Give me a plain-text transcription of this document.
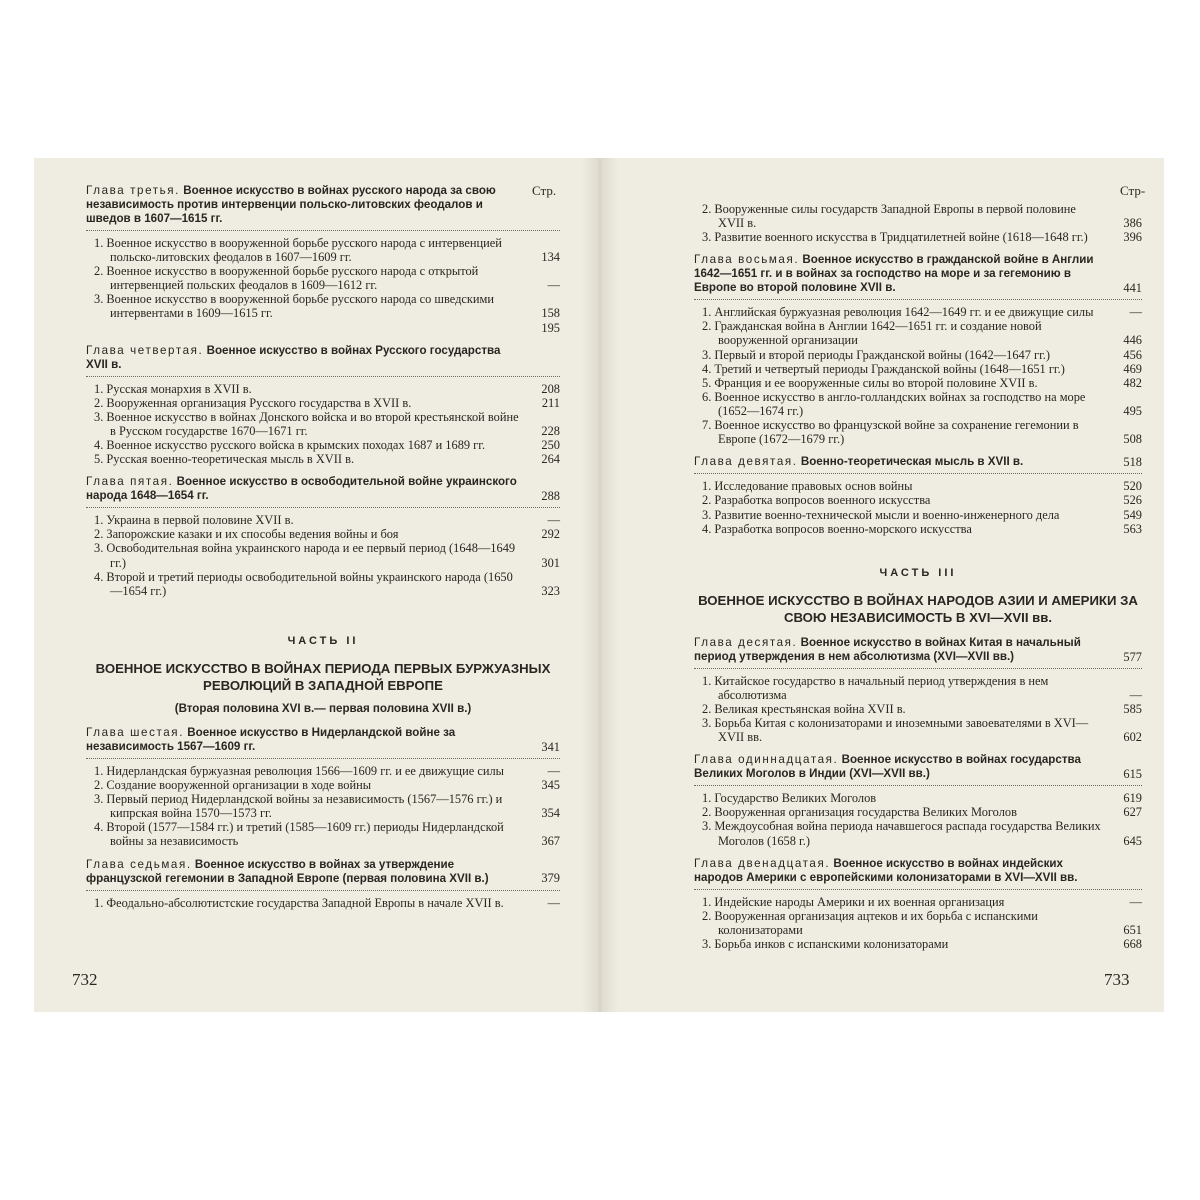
Стр.
Глава третья. Военное искусство в войнах русского народа за свою независимость против интервенции польско-литовских феодалов и шведов в 1607—1615 гг.
1. Военное искусство в вооруженной борьбе русского народа с интервенцией польско-литовских феодалов в 1607—1609 гг.	134
2. Военное искусство в вооруженной борьбе русского народа с открытой интервенцией польских феодалов в 1609—1612 гг.	—
3. Военное искусство в вооруженной борьбе русского народа со шведскими интервентами в 1609—1615 гг.	158
195
Глава четвертая. Военное искусство в войнах Русского государства XVII в.
1. Русская монархия в XVII в.	208
2. Вооруженная организация Русского государства в XVII в.	211
3. Военное искусство в войнах Донского войска и во второй крестьянской войне в Русском государстве 1670—1671 гг.	228
4. Военное искусство русского войска в крымских походах 1687 и 1689 гг.	250
5. Русская военно-теоретическая мысль в XVII в.	264
Глава пятая. Военное искусство в освободительной войне украинского народа 1648—1654 гг.	288
1. Украина в первой половине XVII в.	—
2. Запорожские казаки и их способы ведения войны и боя	292
3. Освободительная война украинского народа и ее первый период (1648—1649 гг.)	301
4. Второй и третий периоды освободительной войны украинского народа (1650—1654 гг.)	323
ЧАСТЬ II
ВОЕННОЕ ИСКУССТВО В ВОЙНАХ ПЕРИОДА ПЕРВЫХ БУРЖУАЗНЫХ РЕВОЛЮЦИЙ В ЗАПАДНОЙ ЕВРОПЕ
(Вторая половина XVI в.— первая половина XVII в.)
Глава шестая. Военное искусство в Нидерландской войне за независимость 1567—1609 гг.	341
1. Нидерландская буржуазная революция 1566—1609 гг. и ее движущие силы	—
2. Создание вооруженной организации в ходе войны	345
3. Первый период Нидерландской войны за независимость (1567—1576 гг.) и кипрская война 1570—1573 гг.	354
4. Второй (1577—1584 гг.) и третий (1585—1609 гг.) периоды Нидерландской войны за независимость	367
Глава седьмая. Военное искусство в войнах за утверждение французской гегемонии в Западной Европе (первая половина XVII в.)	379
1. Феодально-абсолютистские государства Западной Европы в начале XVII в.	—
732
Стр-
2. Вооруженные силы государств Западной Европы в первой половине XVII в.	386
3. Развитие военного искусства в Тридцатилетней войне (1618—1648 гг.)	396
Глава восьмая. Военное искусство в гражданской войне в Англии 1642—1651 гг. и в войнах за господство на море и за гегемонию в Европе во второй половине XVII в.	441
1. Английская буржуазная революция 1642—1649 гг. и ее движущие силы	—
2. Гражданская война в Англии 1642—1651 гг. и создание новой вооруженной организации	446
3. Первый и второй периоды Гражданской войны (1642—1647 гг.)	456
4. Третий и четвертый периоды Гражданской войны (1648—1651 гг.)	469
5. Франция и ее вооруженные силы во второй половине XVII в.	482
6. Военное искусство в англо-голландских войнах за господство на море (1652—1674 гг.)	495
7. Военное искусство во французской войне за сохранение гегемонии в Европе (1672—1679 гг.)	508
Глава девятая. Военно-теоретическая мысль в XVII в.	518
1. Исследование правовых основ войны	520
2. Разработка вопросов военного искусства	526
3. Развитие военно-технической мысли и военно-инженерного дела	549
4. Разработка вопросов военно-морского искусства	563
ЧАСТЬ III
ВОЕННОЕ ИСКУССТВО В ВОЙНАХ НАРОДОВ АЗИИ И АМЕРИКИ ЗА СВОЮ НЕЗАВИСИМОСТЬ В XVI—XVII вв.
Глава десятая. Военное искусство в войнах Китая в начальный период утверждения в нем абсолютизма (XVI—XVII вв.)	577
1. Китайское государство в начальный период утверждения в нем абсолютизма	—
2. Великая крестьянская война XVII в.	585
3. Борьба Китая с колонизаторами и иноземными завоевателями в XVI—XVII вв.	602
Глава одиннадцатая. Военное искусство в войнах государства Великих Моголов в Индии (XVI—XVII вв.)	615
1. Государство Великих Моголов	619
2. Вооруженная организация государства Великих Моголов	627
3. Междоусобная война периода начавшегося распада государства Великих Моголов (1658 г.)	645
Глава двенадцатая. Военное искусство в войнах индейских народов Америки с европейскими колонизаторами в XVI—XVII вв.
1. Индейские народы Америки и их военная организация	—
2. Вооруженная организация ацтеков и их борьба с испанскими колонизаторами	651
3. Борьба инков с испанскими колонизаторами	668
733
